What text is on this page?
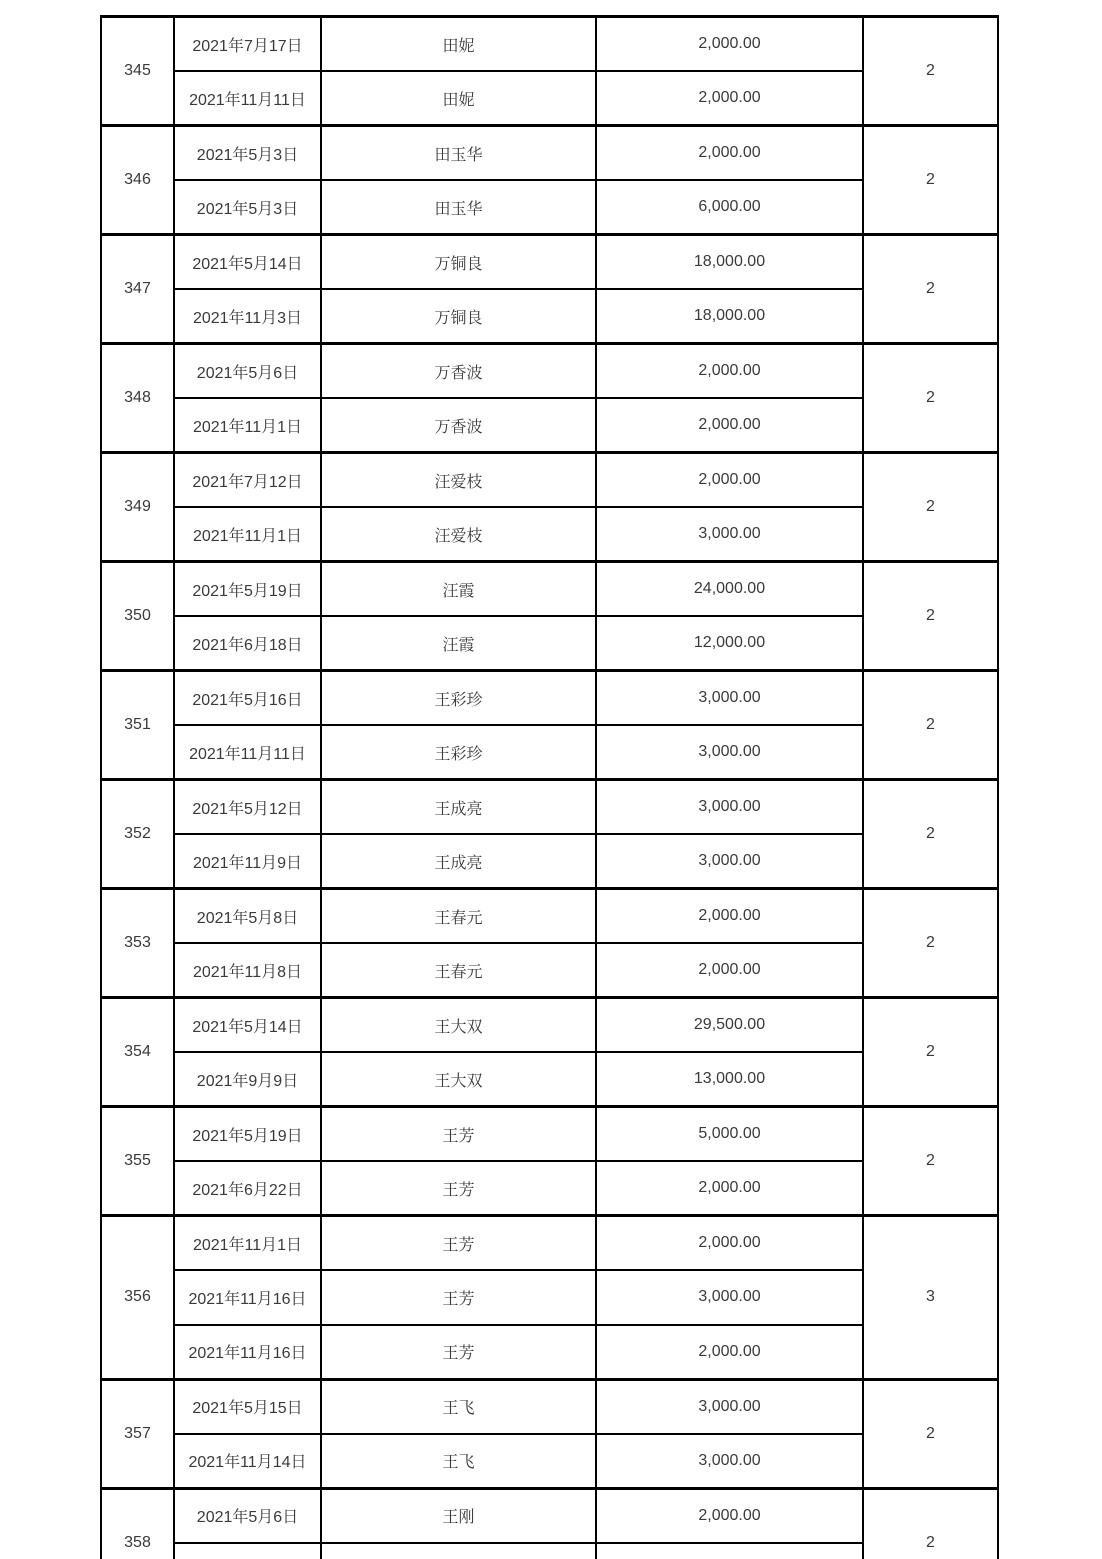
345	2021年7月17日	田妮	2,000.00	2
	2021年11月11日	田妮	2,000.00	
346	2021年5月3日	田玉华	2,000.00	2
	2021年5月3日	田玉华	6,000.00	
347	2021年5月14日	万铜良	18,000.00	2
	2021年11月3日	万铜良	18,000.00	
348	2021年5月6日	万香波	2,000.00	2
	2021年11月1日	万香波	2,000.00	
349	2021年7月12日	汪爱枝	2,000.00	2
	2021年11月1日	汪爱枝	3,000.00	
350	2021年5月19日	汪霞	24,000.00	2
	2021年6月18日	汪霞	12,000.00	
351	2021年5月16日	王彩珍	3,000.00	2
	2021年11月11日	王彩珍	3,000.00	
352	2021年5月12日	王成亮	3,000.00	2
	2021年11月9日	王成亮	3,000.00	
353	2021年5月8日	王春元	2,000.00	2
	2021年11月8日	王春元	2,000.00	
354	2021年5月14日	王大双	29,500.00	2
	2021年9月9日	王大双	13,000.00	
355	2021年5月19日	王芳	5,000.00	2
	2021年6月22日	王芳	2,000.00	
356	2021年11月1日	王芳	2,000.00	3
	2021年11月16日	王芳	3,000.00	
	2021年11月16日	王芳	2,000.00	
357	2021年5月15日	王飞	3,000.00	2
	2021年11月14日	王飞	3,000.00	
358	2021年5月6日	王刚	2,000.00	2
